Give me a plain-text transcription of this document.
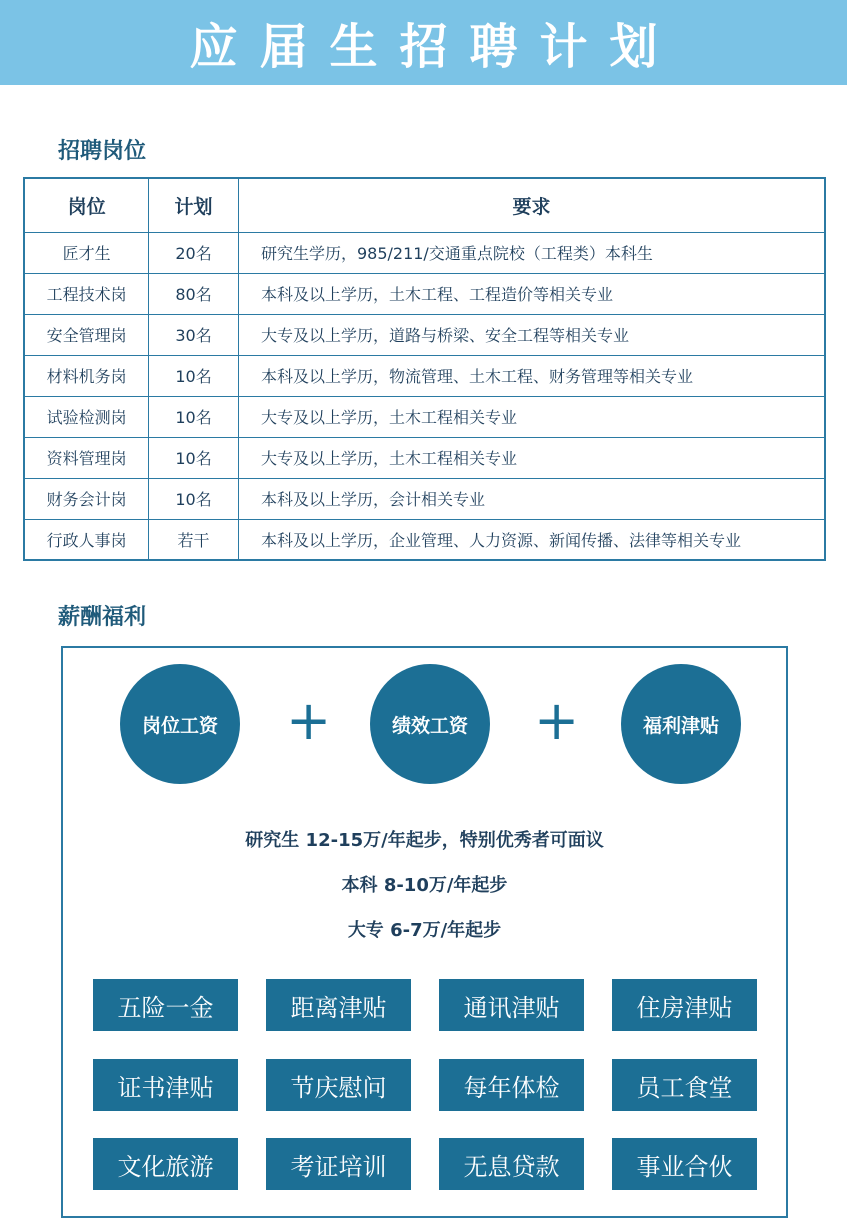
应届生招聘计划
招聘岗位
岗位	计划	要求
匠才生	20名	研究生学历，985/211/交通重点院校（工程类）本科生
工程技术岗	80名	本科及以上学历，土木工程、工程造价等相关专业
安全管理岗	30名	大专及以上学历，道路与桥梁、安全工程等相关专业
材料机务岗	10名	本科及以上学历，物流管理、土木工程、财务管理等相关专业
试验检测岗	10名	大专及以上学历，土木工程相关专业
资料管理岗	10名	大专及以上学历，土木工程相关专业
财务会计岗	10名	本科及以上学历，会计相关专业
行政人事岗	若干	本科及以上学历，企业管理、人力资源、新闻传播、法律等相关专业
薪酬福利
岗位工资	+	绩效工资	+	福利津贴
研究生 12-15万/年起步，特别优秀者可面议
本科 8-10万/年起步
大专 6-7万/年起步
五险一金	距离津贴	通讯津贴	住房津贴
证书津贴	节庆慰问	每年体检	员工食堂
文化旅游	考证培训	无息贷款	事业合伙
